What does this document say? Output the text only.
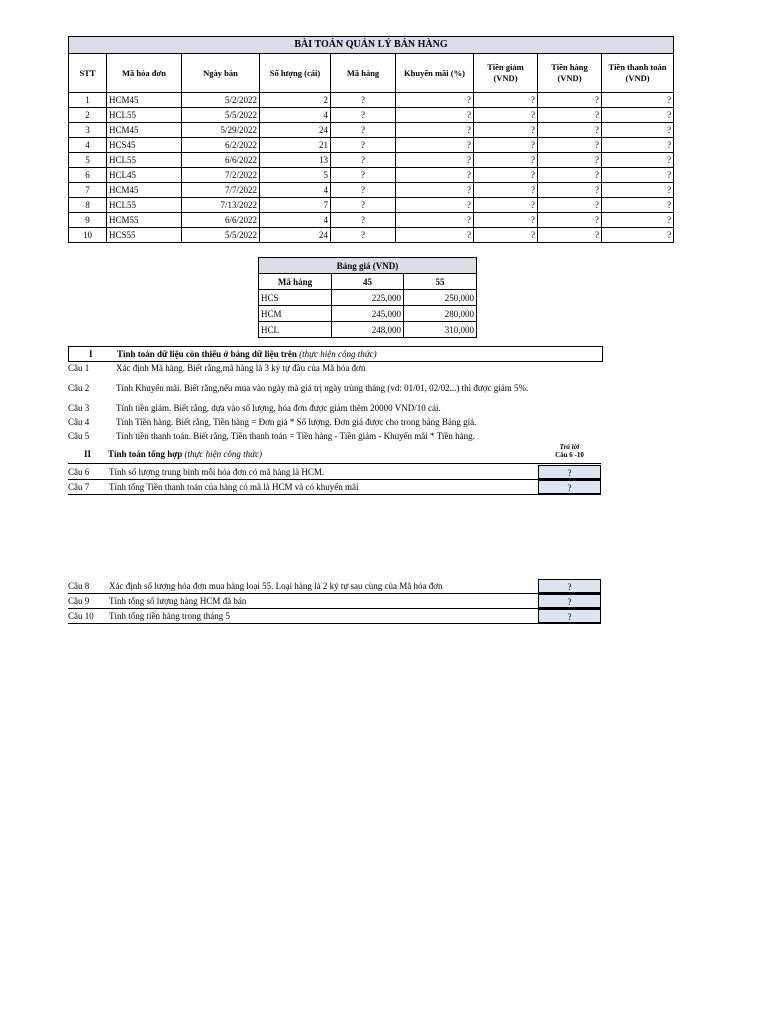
BÀI TOÁN QUẢN LÝ BÁN HÀNG								
STT	Mã hóa đơn	Ngày bán	Số lượng (cái)	Mã hàng	Khuyến mãi (%)	Tiền giảm (VND)	Tiền hàng (VND)	Tiền thanh toán (VND)
1	HCM45	5/2/2022	2	?	?	?	?	?
2	HCL55	5/5/2022	4	?	?	?	?	?
3	HCM45	5/29/2022	24	?	?	?	?	?
4	HCS45	6/2/2022	21	?	?	?	?	?
5	HCL55	6/6/2022	13	?	?	?	?	?
6	HCL45	7/2/2022	5	?	?	?	?	?
7	HCM45	7/7/2022	4	?	?	?	?	?
8	HCL55	7/13/2022	7	?	?	?	?	?
9	HCM55	6/6/2022	4	?	?	?	?	?
10	HCS55	5/5/2022	24	?	?	?	?	?
Bảng giá (VND)		
Mã hàng	45	55
HCS	225,000	250,000
HCM	245,000	280,000
HCL	248,000	310,000
I	Tính toán dữ liệu còn thiếu ở bảng dữ liệu trên (thực hiện công thức)
Câu 1	Xác định Mã hàng. Biết rằng,mã hàng là 3 ký tự đầu của Mã hóa đơn
Câu 2	Tính Khuyến mãi. Biết rằng,nếu mua vào ngày mà giá trị ngày trùng tháng (vd: 01/01, 02/02...) thì được giảm 5%.
Câu 3	Tính tiền giảm. Biết rằng, dựa vào số lượng, hóa đơn được giảm thêm 20000 VND/10 cái.
Câu 4	Tính Tiền hàng. Biết rằng, Tiền hàng = Đơn giá * Số lượng. Đơn giá được cho trong bảng Bảng giá.
Câu 5	Tính tiền thanh toán. Biết rằng, Tiền thanh toán = Tiền hàng - Tiền giảm - Khuyến mãi * Tiền hàng.
II Tính toán tổng hợp (thực hiện công thức)
Trả lời
Câu 6 -10
Câu 6 Tính số lượng trung bình mỗi hóa đơn có mã hàng là HCM.	?
Câu 7 Tính tổng Tiền thanh toán của hàng có mã là HCM và có khuyến mãi	?
Câu 8 Xác định số lượng hóa đơn mua hàng loại 55. Loại hàng là 2 ký tự sau cùng của Mã hóa đơn	?
Câu 9 Tính tổng số lượng hàng HCM đã bán	?
Câu 10 Tính tổng tiền hàng trong tháng 5	?
